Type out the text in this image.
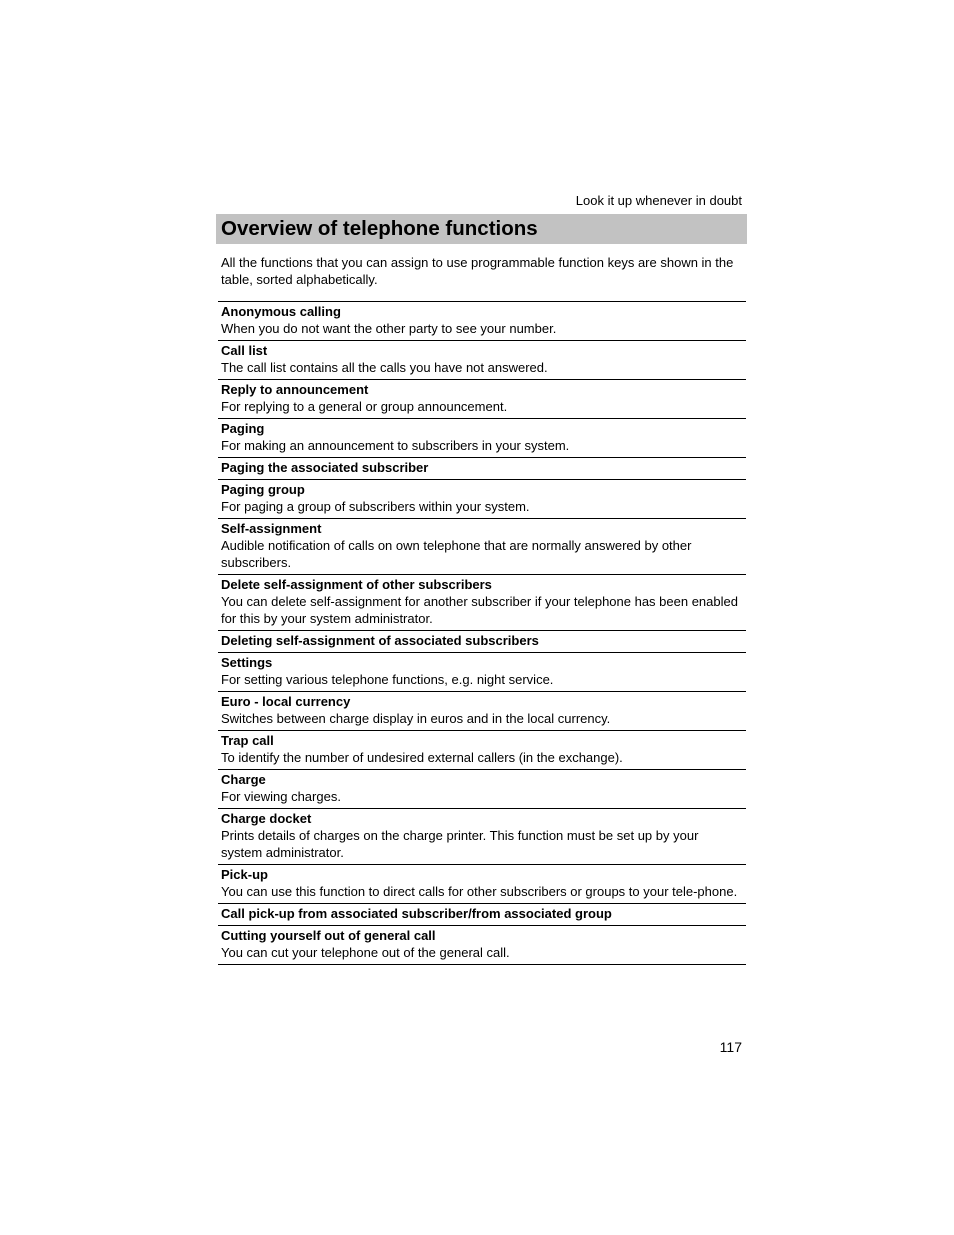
Look it up whenever in doubt
Overview of telephone functions

All the functions that you can assign to use programmable function keys are shown in the table, sorted alphabetically.

Anonymous calling
When you do not want the other party to see your number.
Call list
The call list contains all the calls you have not answered.
Reply to announcement
For replying to a general or group announcement.
Paging
For making an announcement to subscribers in your system.
Paging the associated subscriber
Paging group
For paging a group of subscribers within your system.
Self-assignment
Audible notification of calls on own telephone that are normally answered by other subscribers.
Delete self-assignment of other subscribers
You can delete self-assignment for another subscriber if your telephone has been enabled for this by your system administrator.
Deleting self-assignment of associated subscribers
Settings
For setting various telephone functions, e.g. night service.
Euro - local currency
Switches between charge display in euros and in the local currency.
Trap call
To identify the number of undesired external callers (in the exchange).
Charge
For viewing charges.
Charge docket
Prints details of charges on the charge printer. This function must be set up by your system administrator.
Pick-up
You can use this function to direct calls for other subscribers or groups to your tele-phone.
Call pick-up from associated subscriber/from associated group
Cutting yourself out of general call
You can cut your telephone out of the general call.
117
